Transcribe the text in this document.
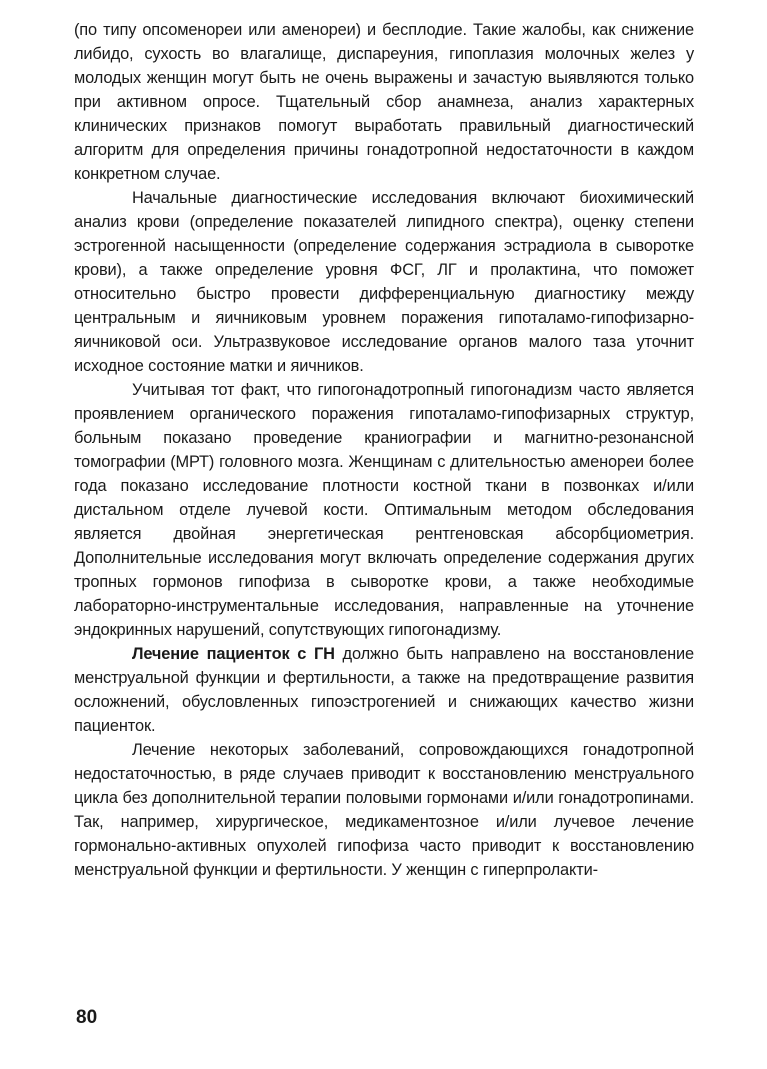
(по типу опсоменореи или аменореи) и бесплодие. Такие жалобы, как снижение либидо, сухость во влагалище, диспареуния, гипоплазия молочных желез у молодых женщин могут быть не очень выражены и зачастую выявляются только при активном опросе. Тщательный сбор анамнеза, анализ характерных клинических признаков помогут выработать правильный диагностический алгоритм для определения причины гонадотропной недостаточности в каждом конкретном случае.

Начальные диагностические исследования включают биохимический анализ крови (определение показателей липидного спектра), оценку степени эстрогенной насыщенности (определение содержания эстрадиола в сыворотке крови), а также определение уровня ФСГ, ЛГ и пролактина, что поможет относительно быстро провести дифференциальную диагностику между центральным и яичниковым уровнем поражения гипоталамо-гипофизарно-яичниковой оси. Ультразвуковое исследование органов малого таза уточнит исходное состояние матки и яичников.

Учитывая тот факт, что гипогонадотропный гипогонадизм часто является проявлением органического поражения гипоталамо-гипофизарных структур, больным показано проведение краниографии и магнитно-резонансной томографии (МРТ) головного мозга. Женщинам с длительностью аменореи более года показано исследование плотности костной ткани в позвонках и/или дистальном отделе лучевой кости. Оптимальным методом обследования является двойная энергетическая рентгеновская абсорбциометрия. Дополнительные исследования могут включать определение содержания других тропных гормонов гипофиза в сыворотке крови, а также необходимые лабораторно-инструментальные исследования, направленные на уточнение эндокринных нарушений, сопутствующих гипогонадизму.

Лечение пациенток с ГН должно быть направлено на восстановление менструальной функции и фертильности, а также на предотвращение развития осложнений, обусловленных гипоэстрогенией и снижающих качество жизни пациенток.

Лечение некоторых заболеваний, сопровождающихся гонадотропной недостаточностью, в ряде случаев приводит к восстановлению менструального цикла без дополнительной терапии половыми гормонами и/или гонадотропинами. Так, например, хирургическое, медикаментозное и/или лучевое лечение гормонально-активных опухолей гипофиза часто приводит к восстановлению менструальной функции и фертильности. У женщин с гиперпролакти-

80
